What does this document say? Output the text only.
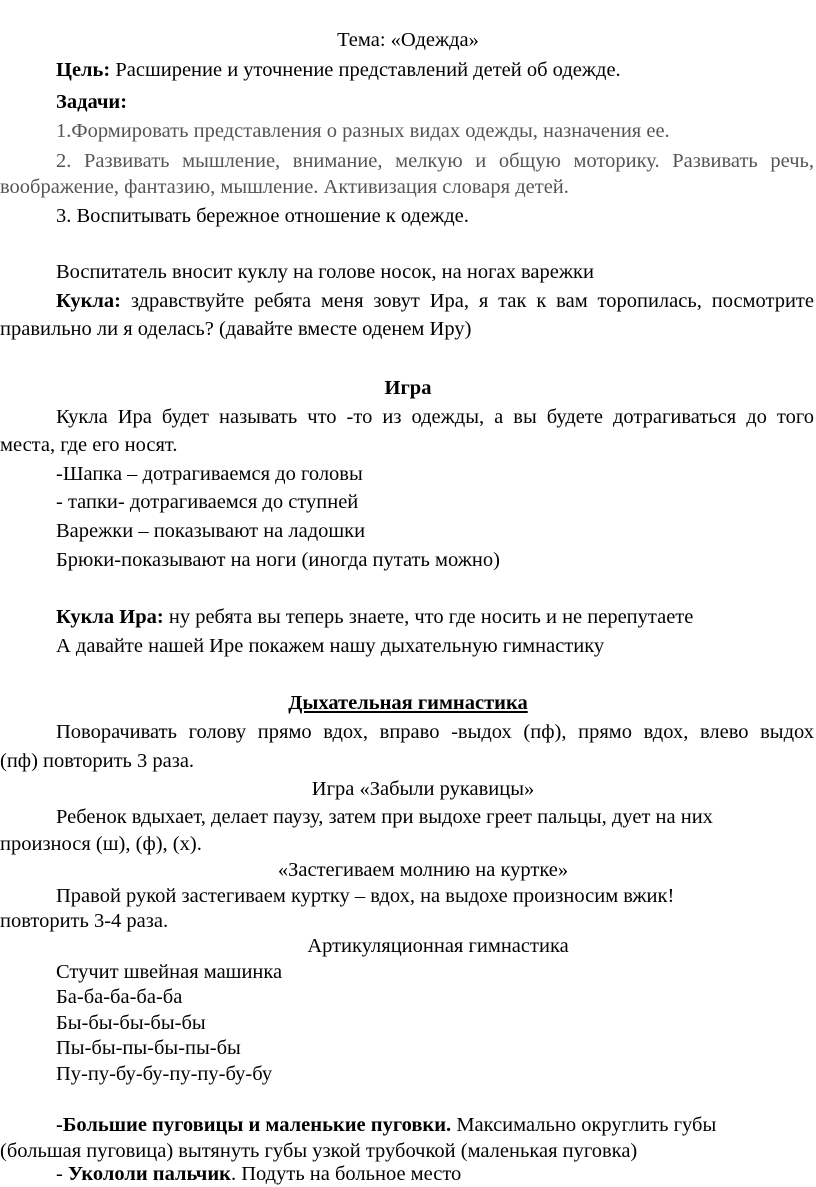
Тема: «Одежда»
Цель: Расширение и уточнение представлений детей об одежде.
Задачи:
1.Формировать представления о разных видах одежды, назначения ее.
2. Развивать мышление, внимание, мелкую и общую моторику. Развивать речь,
воображение, фантазию, мышление. Активизация словаря детей.
3. Воспитывать бережное отношение к одежде.
Воспитатель вносит куклу на голове носок, на ногах варежки
Кукла: здравствуйте ребята меня зовут Ира, я так к вам торопилась, посмотрите
правильно ли я оделась? (давайте вместе оденем Иру)
Игра
Кукла Ира будет называть что -то из одежды, а вы будете дотрагиваться до того
места, где его носят.
-Шапка – дотрагиваемся до головы
- тапки- дотрагиваемся до ступней
Варежки – показывают на ладошки
Брюки-показывают на ноги (иногда путать можно)
Кукла Ира: ну ребята вы теперь знаете, что где носить и не перепутаете
А давайте нашей Ире покажем нашу дыхательную гимнастику
Дыхательная гимнастика
Поворачивать голову прямо вдох, вправо -выдох (пф), прямо вдох, влево выдох
(пф) повторить 3 раза.
Игра «Забыли рукавицы»
Ребенок вдыхает, делает паузу, затем при выдохе греет пальцы, дует на них
произнося (ш), (ф), (х).
«Застегиваем молнию на куртке»
Правой рукой застегиваем куртку – вдох, на выдохе произносим вжик!
повторить 3-4 раза.
Артикуляционная гимнастика
Стучит швейная машинка
Ба-ба-ба-ба-ба
Бы-бы-бы-бы-бы
Пы-бы-пы-бы-пы-бы
Пу-пу-бу-бу-пу-пу-бу-бу
-Большие пуговицы и маленькие пуговки. Максимально округлить губы
(большая пуговица) вытянуть губы узкой трубочкой (маленькая пуговка)
- Укололи пальчик. Подуть на больное место
